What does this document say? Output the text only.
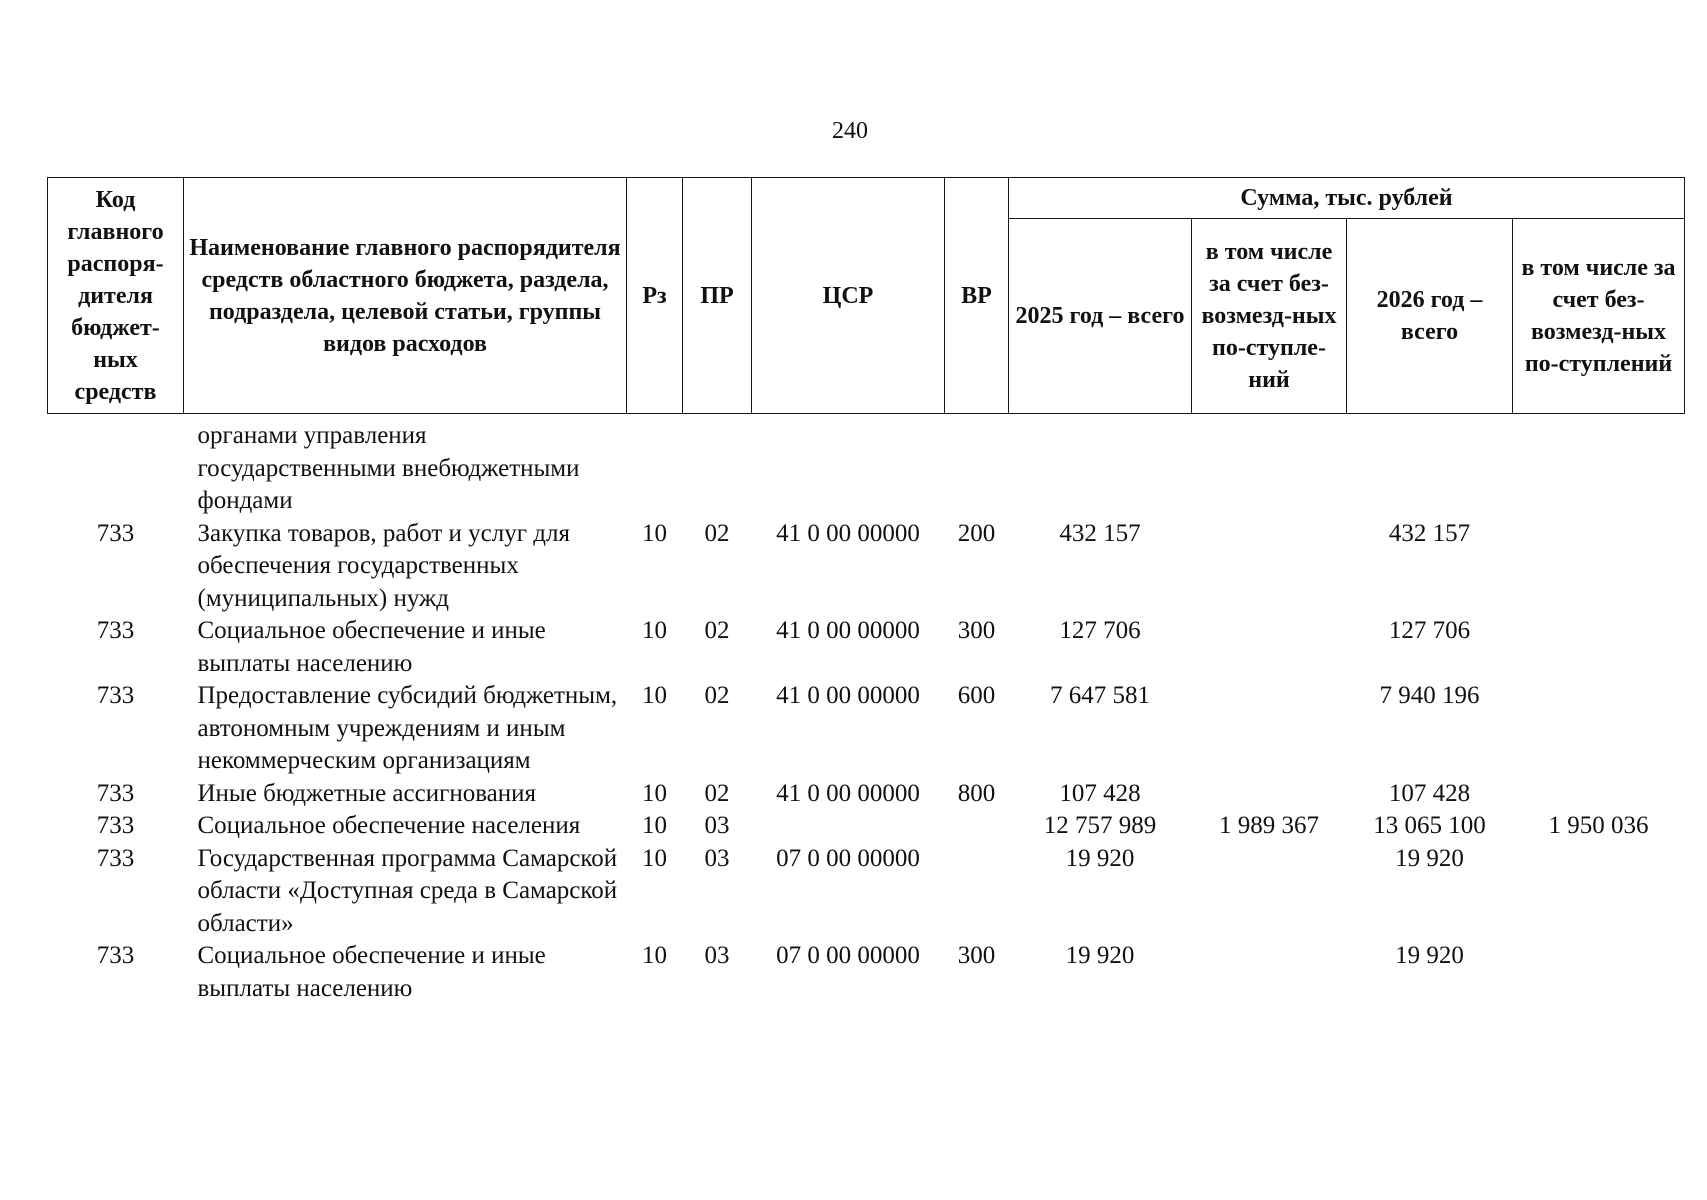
240
Код главного распоря-дителя бюджет-ных средств	Наименование главного распорядителя средств областного бюджета, раздела, подраздела, целевой статьи, группы видов расходов	Рз	ПР	ЦСР	ВР	Сумма, тыс. рублей			
						2025 год – всего	в том числе за счет без-возмезд-ных по-ступле-ний	2026 год – всего	в том числе за счет без-возмезд-ных по-ступлений
	органами управления государственными внебюджетными фондами								
733	Закупка товаров, работ и услуг для обеспечения государственных (муниципальных) нужд	10	02	41 0 00 00000	200	432 157		432 157	
733	Социальное обеспечение и иные выплаты населению	10	02	41 0 00 00000	300	127 706		127 706	
733	Предоставление субсидий бюджетным, автономным учреждениям и иным некоммерческим организациям	10	02	41 0 00 00000	600	7 647 581		7 940 196	
733	Иные бюджетные ассигнования	10	02	41 0 00 00000	800	107 428		107 428	
733	Социальное обеспечение населения	10	03			12 757 989	1 989 367	13 065 100	1 950 036
733	Государственная программа Самарской области «Доступная среда в Самарской области»	10	03	07 0 00 00000		19 920		19 920	
733	Социальное обеспечение и иные выплаты населению	10	03	07 0 00 00000	300	19 920		19 920	
